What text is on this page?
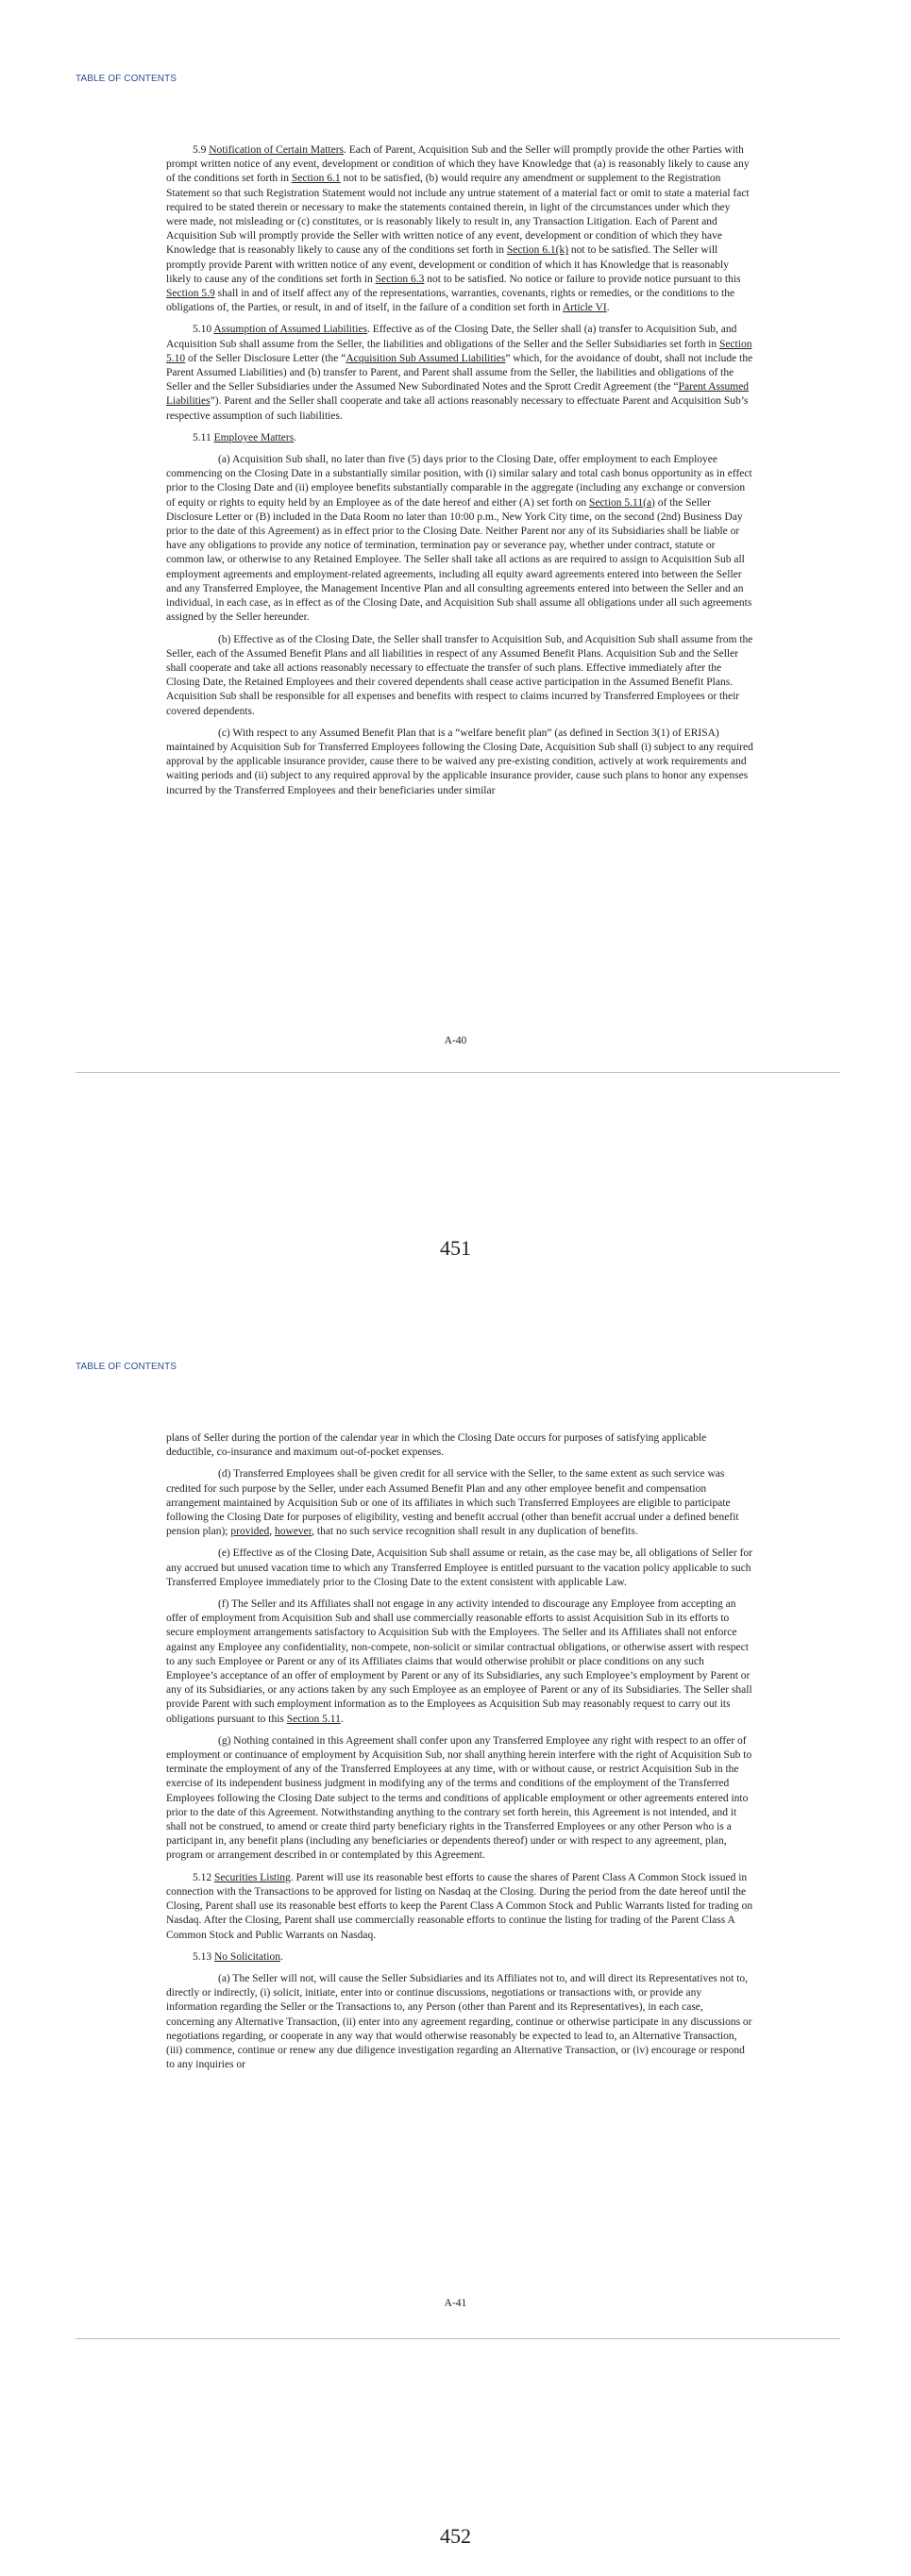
TABLE OF CONTENTS

5.9 Notification of Certain Matters. Each of Parent, Acquisition Sub and the Seller will promptly provide the other Parties with prompt written notice of any event, development or condition of which they have Knowledge that (a) is reasonably likely to cause any of the conditions set forth in Section 6.1 not to be satisfied, (b) would require any amendment or supplement to the Registration Statement so that such Registration Statement would not include any untrue statement of a material fact or omit to state a material fact required to be stated therein or necessary to make the statements contained therein, in light of the circumstances under which they were made, not misleading or (c) constitutes, or is reasonably likely to result in, any Transaction Litigation. Each of Parent and Acquisition Sub will promptly provide the Seller with written notice of any event, development or condition of which they have Knowledge that is reasonably likely to cause any of the conditions set forth in Section 6.1(k) not to be satisfied. The Seller will promptly provide Parent with written notice of any event, development or condition of which it has Knowledge that is reasonably likely to cause any of the conditions set forth in Section 6.3 not to be satisfied. No notice or failure to provide notice pursuant to this Section 5.9 shall in and of itself affect any of the representations, warranties, covenants, rights or remedies, or the conditions to the obligations of, the Parties, or result, in and of itself, in the failure of a condition set forth in Article VI.

5.10 Assumption of Assumed Liabilities. Effective as of the Closing Date, the Seller shall (a) transfer to Acquisition Sub, and Acquisition Sub shall assume from the Seller, the liabilities and obligations of the Seller and the Seller Subsidiaries set forth in Section 5.10 of the Seller Disclosure Letter (the “Acquisition Sub Assumed Liabilities” which, for the avoidance of doubt, shall not include the Parent Assumed Liabilities) and (b) transfer to Parent, and Parent shall assume from the Seller, the liabilities and obligations of the Seller and the Seller Subsidiaries under the Assumed New Subordinated Notes and the Sprott Credit Agreement (the “Parent Assumed Liabilities”). Parent and the Seller shall cooperate and take all actions reasonably necessary to effectuate Parent and Acquisition Sub’s respective assumption of such liabilities.

5.11 Employee Matters.

(a) Acquisition Sub shall, no later than five (5) days prior to the Closing Date, offer employment to each Employee commencing on the Closing Date in a substantially similar position, with (i) similar salary and total cash bonus opportunity as in effect prior to the Closing Date and (ii) employee benefits substantially comparable in the aggregate (including any exchange or conversion of equity or rights to equity held by an Employee as of the date hereof and either (A) set forth on Section 5.11(a) of the Seller Disclosure Letter or (B) included in the Data Room no later than 10:00 p.m., New York City time, on the second (2nd) Business Day prior to the date of this Agreement) as in effect prior to the Closing Date. Neither Parent nor any of its Subsidiaries shall be liable or have any obligations to provide any notice of termination, termination pay or severance pay, whether under contract, statute or common law, or otherwise to any Retained Employee. The Seller shall take all actions as are required to assign to Acquisition Sub all employment agreements and employment-related agreements, including all equity award agreements entered into between the Seller and any Transferred Employee, the Management Incentive Plan and all consulting agreements entered into between the Seller and an individual, in each case, as in effect as of the Closing Date, and Acquisition Sub shall assume all obligations under all such agreements assigned by the Seller hereunder.

(b) Effective as of the Closing Date, the Seller shall transfer to Acquisition Sub, and Acquisition Sub shall assume from the Seller, each of the Assumed Benefit Plans and all liabilities in respect of any Assumed Benefit Plans. Acquisition Sub and the Seller shall cooperate and take all actions reasonably necessary to effectuate the transfer of such plans. Effective immediately after the Closing Date, the Retained Employees and their covered dependents shall cease active participation in the Assumed Benefit Plans. Acquisition Sub shall be responsible for all expenses and benefits with respect to claims incurred by Transferred Employees or their covered dependents.

(c) With respect to any Assumed Benefit Plan that is a “welfare benefit plan” (as defined in Section 3(1) of ERISA) maintained by Acquisition Sub for Transferred Employees following the Closing Date, Acquisition Sub shall (i) subject to any required approval by the applicable insurance provider, cause there to be waived any pre-existing condition, actively at work requirements and waiting periods and (ii) subject to any required approval by the applicable insurance provider, cause such plans to honor any expenses incurred by the Transferred Employees and their beneficiaries under similar

A-40
451
TABLE OF CONTENTS

plans of Seller during the portion of the calendar year in which the Closing Date occurs for purposes of satisfying applicable deductible, co-insurance and maximum out-of-pocket expenses.

(d) Transferred Employees shall be given credit for all service with the Seller, to the same extent as such service was credited for such purpose by the Seller, under each Assumed Benefit Plan and any other employee benefit and compensation arrangement maintained by Acquisition Sub or one of its affiliates in which such Transferred Employees are eligible to participate following the Closing Date for purposes of eligibility, vesting and benefit accrual (other than benefit accrual under a defined benefit pension plan); provided, however, that no such service recognition shall result in any duplication of benefits.

(e) Effective as of the Closing Date, Acquisition Sub shall assume or retain, as the case may be, all obligations of Seller for any accrued but unused vacation time to which any Transferred Employee is entitled pursuant to the vacation policy applicable to such Transferred Employee immediately prior to the Closing Date to the extent consistent with applicable Law.

(f) The Seller and its Affiliates shall not engage in any activity intended to discourage any Employee from accepting an offer of employment from Acquisition Sub and shall use commercially reasonable efforts to assist Acquisition Sub in its efforts to secure employment arrangements satisfactory to Acquisition Sub with the Employees. The Seller and its Affiliates shall not enforce against any Employee any confidentiality, non-compete, non-solicit or similar contractual obligations, or otherwise assert with respect to any such Employee or Parent or any of its Affiliates claims that would otherwise prohibit or place conditions on any such Employee’s acceptance of an offer of employment by Parent or any of its Subsidiaries, any such Employee’s employment by Parent or any of its Subsidiaries, or any actions taken by any such Employee as an employee of Parent or any of its Subsidiaries. The Seller shall provide Parent with such employment information as to the Employees as Acquisition Sub may reasonably request to carry out its obligations pursuant to this Section 5.11.

(g) Nothing contained in this Agreement shall confer upon any Transferred Employee any right with respect to an offer of employment or continuance of employment by Acquisition Sub, nor shall anything herein interfere with the right of Acquisition Sub to terminate the employment of any of the Transferred Employees at any time, with or without cause, or restrict Acquisition Sub in the exercise of its independent business judgment in modifying any of the terms and conditions of the employment of the Transferred Employees following the Closing Date subject to the terms and conditions of applicable employment or other agreements entered into prior to the date of this Agreement. Notwithstanding anything to the contrary set forth herein, this Agreement is not intended, and it shall not be construed, to amend or create third party beneficiary rights in the Transferred Employees or any other Person who is a participant in, any benefit plans (including any beneficiaries or dependents thereof) under or with respect to any agreement, plan, program or arrangement described in or contemplated by this Agreement.

5.12 Securities Listing. Parent will use its reasonable best efforts to cause the shares of Parent Class A Common Stock issued in connection with the Transactions to be approved for listing on Nasdaq at the Closing. During the period from the date hereof until the Closing, Parent shall use its reasonable best efforts to keep the Parent Class A Common Stock and Public Warrants listed for trading on Nasdaq. After the Closing, Parent shall use commercially reasonable efforts to continue the listing for trading of the Parent Class A Common Stock and Public Warrants on Nasdaq.

5.13 No Solicitation.

(a) The Seller will not, will cause the Seller Subsidiaries and its Affiliates not to, and will direct its Representatives not to, directly or indirectly, (i) solicit, initiate, enter into or continue discussions, negotiations or transactions with, or provide any information regarding the Seller or the Transactions to, any Person (other than Parent and its Representatives), in each case, concerning any Alternative Transaction, (ii) enter into any agreement regarding, continue or otherwise participate in any discussions or negotiations regarding, or cooperate in any way that would otherwise reasonably be expected to lead to, an Alternative Transaction, (iii) commence, continue or renew any due diligence investigation regarding an Alternative Transaction, or (iv) encourage or respond to any inquiries or

A-41
452
